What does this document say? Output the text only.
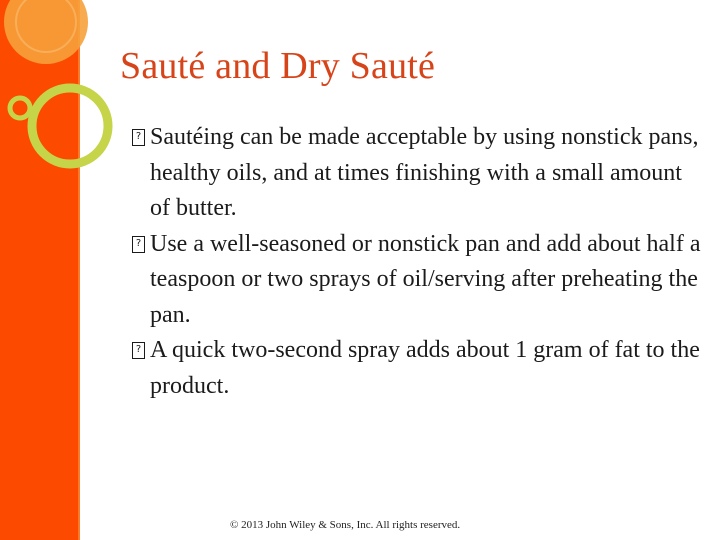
Sauté and Dry Sauté
? Sautéing can be made acceptable by using nonstick pans, healthy oils, and at times finishing with a small amount of butter.
? Use a well-seasoned or nonstick pan and add about half a teaspoon or two sprays of oil/serving after preheating the pan.
? A quick two-second spray adds about 1 gram of fat to the product.
© 2013 John Wiley & Sons, Inc. All rights reserved.
